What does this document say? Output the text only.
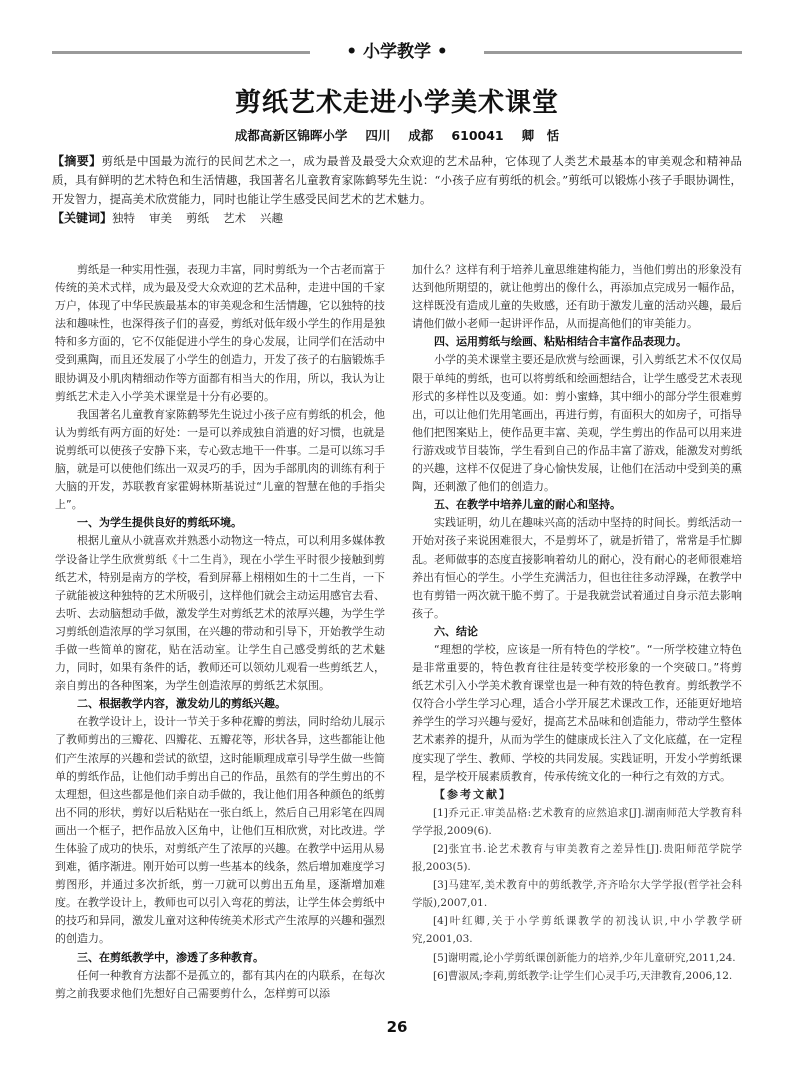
• 小学教学 •
剪纸艺术走进小学美术课堂
成都高新区锦晖小学 四川 成都 610041 卿　恬

【摘要】剪纸是中国最为流行的民间艺术之一，成为最普及最受大众欢迎的艺术品种，它体现了人类艺术最基本的审美观念和精神品质，具有鲜明的艺术特色和生活情趣，我国著名儿童教育家陈鹤琴先生说：“小孩子应有剪纸的机会。”剪纸可以锻炼小孩子手眼协调性，开发智力，提高美术欣赏能力，同时也能让学生感受民间艺术的艺术魅力。

【关键词】独特 审美 剪纸 艺术 兴趣

剪纸是一种实用性强，表现力丰富，同时剪纸为一个古老而富于传统的美术式样，成为最及受大众欢迎的艺术品种，走进中国的千家万户，体现了中华民族最基本的审美观念和生活情趣，它以独特的技法和趣味性，也深得孩子们的喜爱，剪纸对低年级小学生的作用是独特和多方面的，它不仅能促进小学生的身心发展，让同学们在活动中受到熏陶，而且还发展了小学生的创造力，开发了孩子的右脑锻炼手眼协调及小肌肉精细动作等方面都有相当大的作用，所以，我认为让剪纸艺术走入小学美术课堂是十分有必要的。

我国著名儿童教育家陈鹤琴先生说过小孩子应有剪纸的机会，他认为剪纸有两方面的好处：一是可以养成独自消遣的好习惯，也就是说剪纸可以使孩子安静下来，专心致志地干一件事。二是可以练习手脑，就是可以使他们练出一双灵巧的手，因为手部肌肉的训练有利于大脑的开发，苏联教育家霍姆林斯基说过“儿童的智慧在他的手指尖上”。

一、为学生提供良好的剪纸环境。

根据儿童从小就喜欢并熟悉小动物这一特点，可以利用多媒体教学设备让学生欣赏剪纸《十二生肖》，现在小学生平时很少接触到剪纸艺术，特别是南方的学校，看到屏幕上栩栩如生的十二生肖，一下子就能被这种独特的艺术所吸引，这样他们就会主动运用感官去看、去听、去动脑想动手做，激发学生对剪纸艺术的浓厚兴趣，为学生学习剪纸创造浓厚的学习氛围，在兴趣的带动和引导下，开始教学生动手做一些简单的窗花，贴在活动室。让学生自己感受剪纸的艺术魅力，同时，如果有条件的话，教师还可以领幼儿观看一些剪纸艺人，亲自剪出的各种图案，为学生创造浓厚的剪纸艺术氛围。

二、根据教学内容，激发幼儿的剪纸兴趣。

在教学设计上，设计一节关于多种花瓣的剪法，同时给幼儿展示了教师剪出的三瓣花、四瓣花、五瓣花等，形状各异，这些都能让他们产生浓厚的兴趣和尝试的欲望，这时能顺理成章引导学生做一些简单的剪纸作品，让他们动手剪出自己的作品，虽然有的学生剪出的不太理想，但这些都是他们亲自动手做的，我让他们用各种颜色的纸剪出不同的形状，剪好以后粘贴在一张白纸上，然后自己用彩笔在四周画出一个框子，把作品放入区角中，让他们互相欣赏，对比改进。学生体验了成功的快乐，对剪纸产生了浓厚的兴趣。在教学中运用从易到难，循序渐进。刚开始可以剪一些基本的线条，然后增加难度学习剪图形，并通过多次折纸，剪一刀就可以剪出五角星，逐渐增加难度。在教学设计上，教师也可以引入弯花的剪法，让学生体会剪纸中的技巧和异同，激发儿童对这种传统美术形式产生浓厚的兴趣和强烈的创造力。

三、在剪纸教学中，渗透了多种教育。

任何一种教育方法都不是孤立的，都有其内在的内联系，在每次剪之前我要求他们先想好自己需要剪什么，怎样剪可以添

加什么？这样有利于培养儿童思维建构能力，当他们剪出的形象没有达到他所期望的，就让他剪出的像什么，再添加点完成另一幅作品，这样既没有造成儿童的失败感，还有助于激发儿童的活动兴趣，最后请他们做小老师一起讲评作品，从而提高他们的审美能力。

四、运用剪纸与绘画、粘贴相结合丰富作品表现力。

小学的美术课堂主要还是欣赏与绘画课，引入剪纸艺术不仅仅局限于单纯的剪纸，也可以将剪纸和绘画想结合，让学生感受艺术表现形式的多样性以及变通。如：剪小蜜蜂，其中细小的部分学生很难剪出，可以让他们先用笔画出，再进行剪，有面积大的如房子，可指导他们把图案贴上，使作品更丰富、美观，学生剪出的作品可以用来进行游戏或节目装饰，学生看到自己的作品丰富了游戏，能激发对剪纸的兴趣，这样不仅促进了身心愉快发展，让他们在活动中受到美的熏陶，还刺激了他们的创造力。

五、在教学中培养儿童的耐心和坚持。

实践证明，幼儿在趣味兴高的活动中坚持的时间长。剪纸活动一开始对孩子来说困难很大，不是剪坏了，就是折错了，常常是手忙脚乱。老师做事的态度直接影响着幼儿的耐心，没有耐心的老师很难培养出有恒心的学生。小学生充满活力，但也往往多动浮躁，在教学中也有剪错一两次就干脆不剪了。于是我就尝试着通过自身示范去影响孩子。

六、结论

“理想的学校，应该是一所有特色的学校”。“一所学校建立特色是非常重要的，特色教育往往是转变学校形象的一个突破口。”将剪纸艺术引入小学美术教育课堂也是一种有效的特色教育。剪纸教学不仅符合小学生学习心理，适合小学开展艺术课改工作，还能更好地培养学生的学习兴趣与爱好，提高艺术品味和创造能力，带动学生整体艺术素养的提升，从而为学生的健康成长注入了文化底蕴，在一定程度实现了学生、教师、学校的共同发展。实践证明，开发小学剪纸课程，是学校开展素质教育，传承传统文化的一种行之有效的方式。

【参考文献】

[1]乔元正.审美品格:艺术教育的应然追求[J].湖南师范大学教育科学学报,2009(6).

[2]张宜书.论艺术教育与审美教育之差异性[J].贵阳师范学院学报,2003(5).

[3]马建军,美术教育中的剪纸教学,齐齐哈尔大学学报(哲学社会科学版),2007,01.

[4]叶红卿,关于小学剪纸课教学的初浅认识,中小学教学研究,2001,03.

[5]谢明霞,论小学剪纸课创新能力的培养,少年儿童研究,2011,24.

[6]曹淑凤;李莉,剪纸教学:让学生们心灵手巧,天津教育,2006,12.

26
